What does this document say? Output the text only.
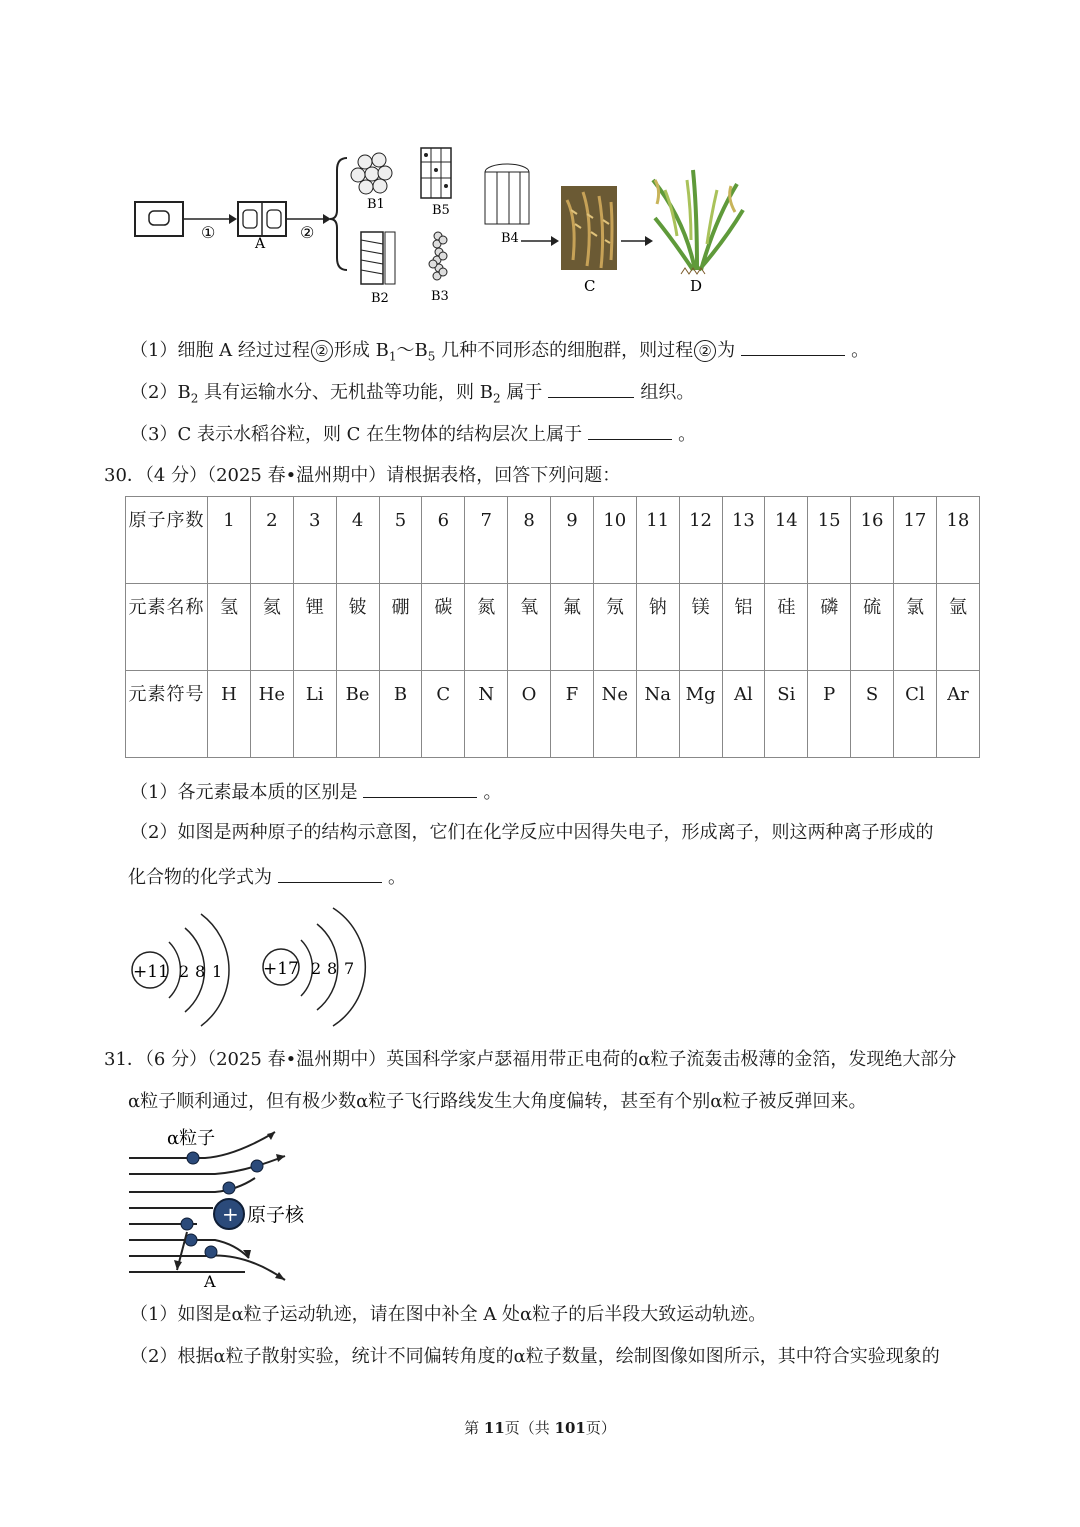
①
A
②
B1	B5
B2	B3
B4
C	D
（1）细胞 A 经过过程 ② 形成 $B_1\sim B_5$ 几种不同形态的细胞群，则过程 ② 为	。
$(2)B_2$ 具有运输水分、无机盐等功能，则 $B_2$ 属于	组织。
（3）C 表示水稻谷粒，则 C 在生物体的结构层次上属于	。
30．（4 分）（2025 春•温州期中）请根据表格，回答下列问题：
原子序数	1	2	3	4	5	6	7	8	9	10	11	12	13	14	15	16	17	18
元素名称	氢	氦	锂	铍	硼	碳	氮	氧	氟	氖	钠	镁	铝	硅	磷	硫	氯	氩
元素符号	H	He	Li	Be	B	C	N	O	F	Ne	Na	Mg	Al	Si	P	S	Cl	Ar
（1）各元素最本质的区别是	。
（2）如图是两种原子的结构示意图，它们在化学反应中因得失电子，形成离子，则这两种离子形成的
化合物的化学式为	。
+11 2 8 1 +17 2 8 7
31．（6 分）（2025 春•温州期中）英国科学家卢瑟福用带正电荷的α粒子流轰击极薄的金箔，发现绝大部分
α粒子顺利通过，但有极少数α粒子飞行路线发生大角度偏转，甚至有个别α粒子被反弹回来。
α粒子
+ 原子核
A
（1）如图是α粒子运动轨迹，请在图中补全 A 处α粒子的后半段大致运动轨迹。
（2）根据α粒子散射实验，统计不同偏转角度的α粒子数量，绘制图像如图所示，其中符合实验现象的
第 11页（共 101页）
